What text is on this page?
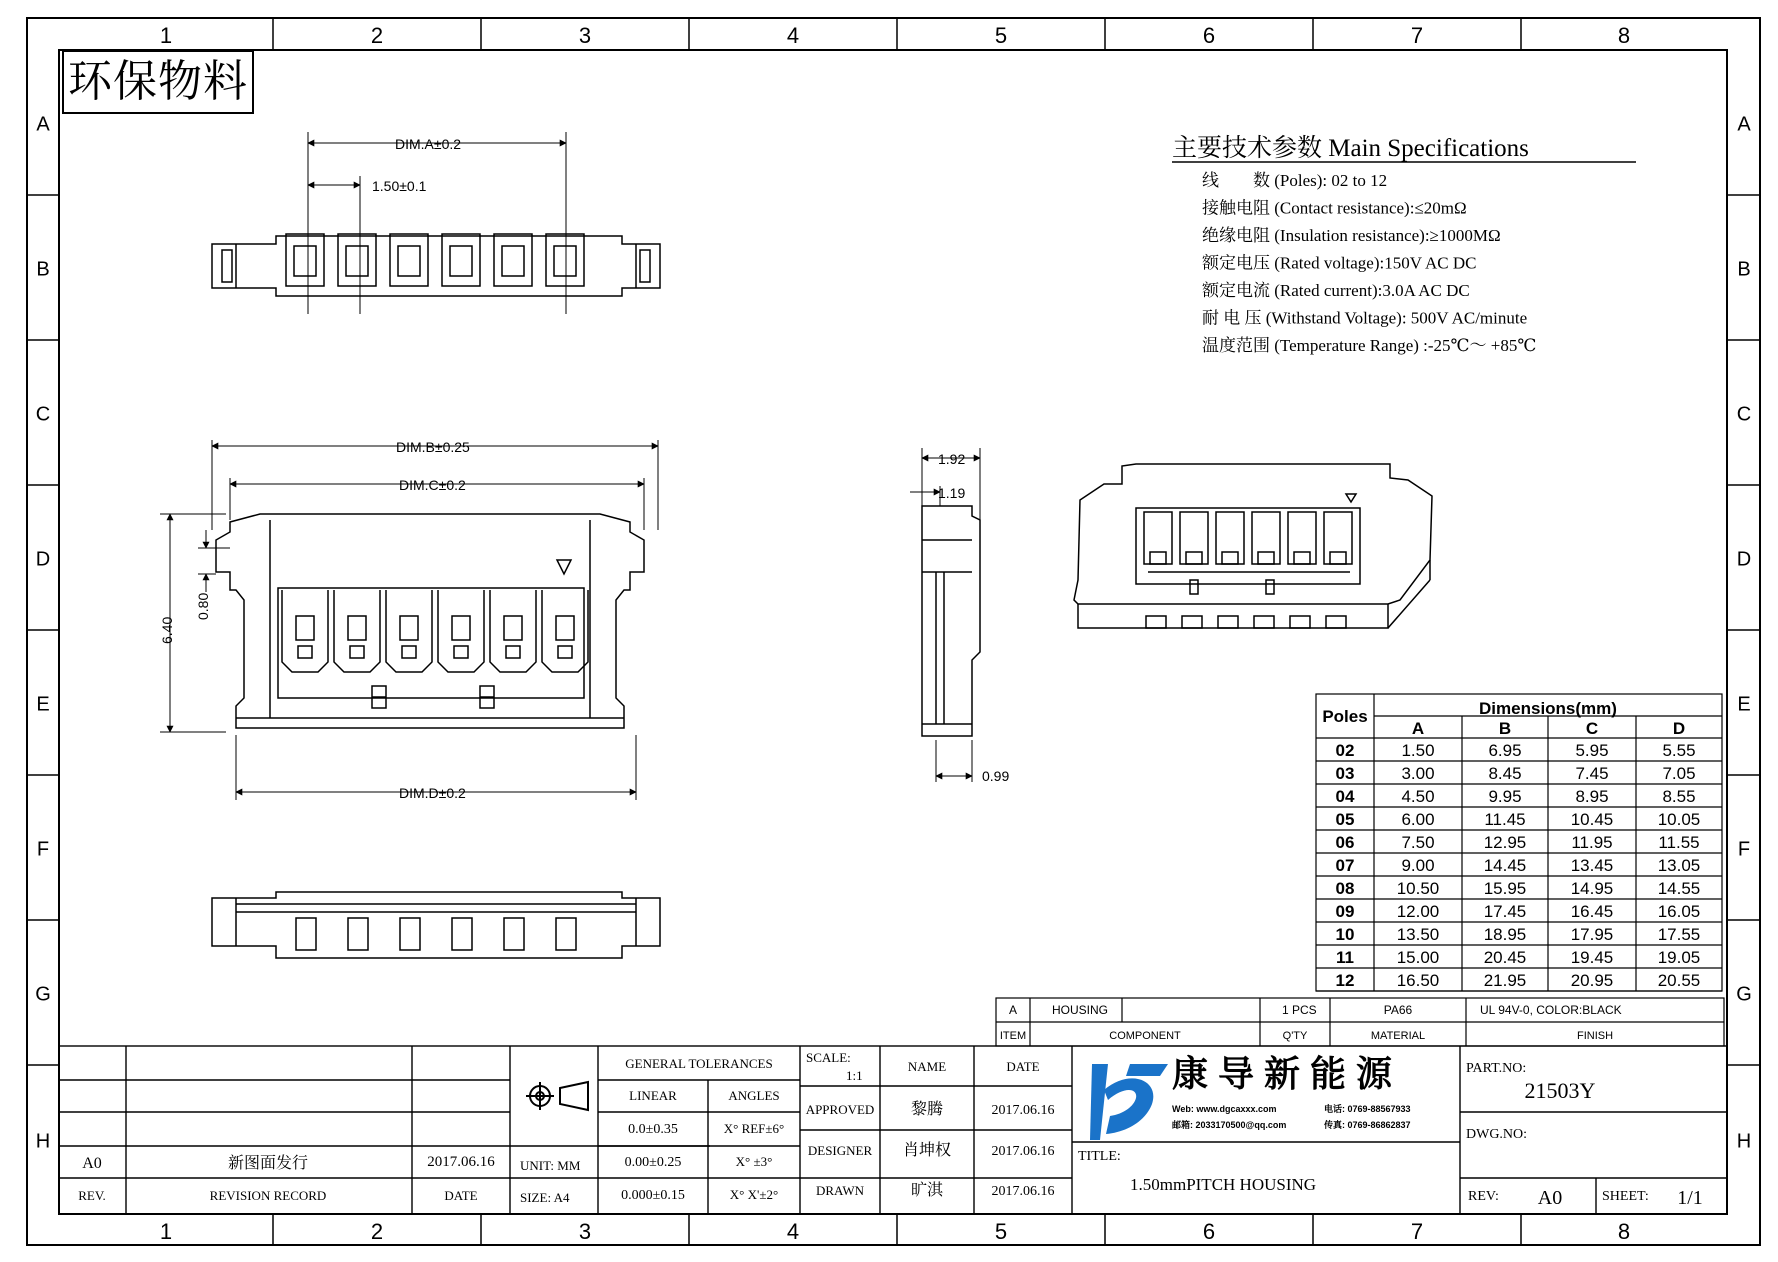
1
1
2
2
3
3
4
4
5
5
6
6
7
7
8
8
A	A
B	B
C	C
D	D
E	E
F	F
G	G
H	H
DIM.A±0.2
1.50±0.1
DIM.B±0.25
DIM.C±0.2
DIM.D±0.2
6.40
0.80
1.92
1.19
0.99
主要技术参数 Main Specifications
线　　数 (Poles): 02 to 12
接触电阻 (Contact resistance):≤20mΩ
绝缘电阻 (Insulation resistance):≥1000MΩ
额定电压 (Rated voltage):150V AC DC
额定电流 (Rated current):3.0A AC DC
耐 电 压 (Withstand Voltage): 500V AC/minute
温度范围 (Temperature Range) :-25℃～ +85℃
Dimensions(mm)
Poles
A	B	C	D
02	1.50	6.95	5.95	5.55
03	3.00	8.45	7.45	7.05
04	4.50	9.95	8.95	8.55
05	6.00	11.45	10.45	10.05
06	7.50	12.95	11.95	11.55
07	9.00	14.45	13.45	13.05
08 10.50	15.95	14.95	14.55
09 12.00	17.45	16.45	16.05
10 13.50	18.95	17.95	17.55
11	15.00	20.45	19.45	19.05
12 16.50	21.95	20.95	20.55
A	HOUSING	1 PCS	PA66	UL 94V-0, COLOR:BLACK
ITEM	COMPONENT	Q'TY	MATERIAL	FINISH
A0	新图面发行	2017.06.16
REV.	REVISION RECORD	DATE
GENERAL TOLERANCES
LINEAR	ANGLES
0.0±0.35	X° REF±6°
0.00±0.25	X° ±3°
0.000±0.15	X° X'±2°
UNIT: MM
SIZE: A4
SCALE:
1:1
NAME	DATE
APPROVED 黎腾	2017.06.16
DESIGNER 肖坤权	2017.06.16
DRAWN	旷淇	2017.06.16
康 导 新 能 源
Web: www.dgcaxxx.com	电话: 0769-88567933
邮箱: 2033170500@qq.com	传真: 0769-86862837
TITLE:
1.50mmPITCH HOUSING
PART.NO:
21503Y
DWG.NO:
REV: A0	SHEET: 1/1
环保物料
